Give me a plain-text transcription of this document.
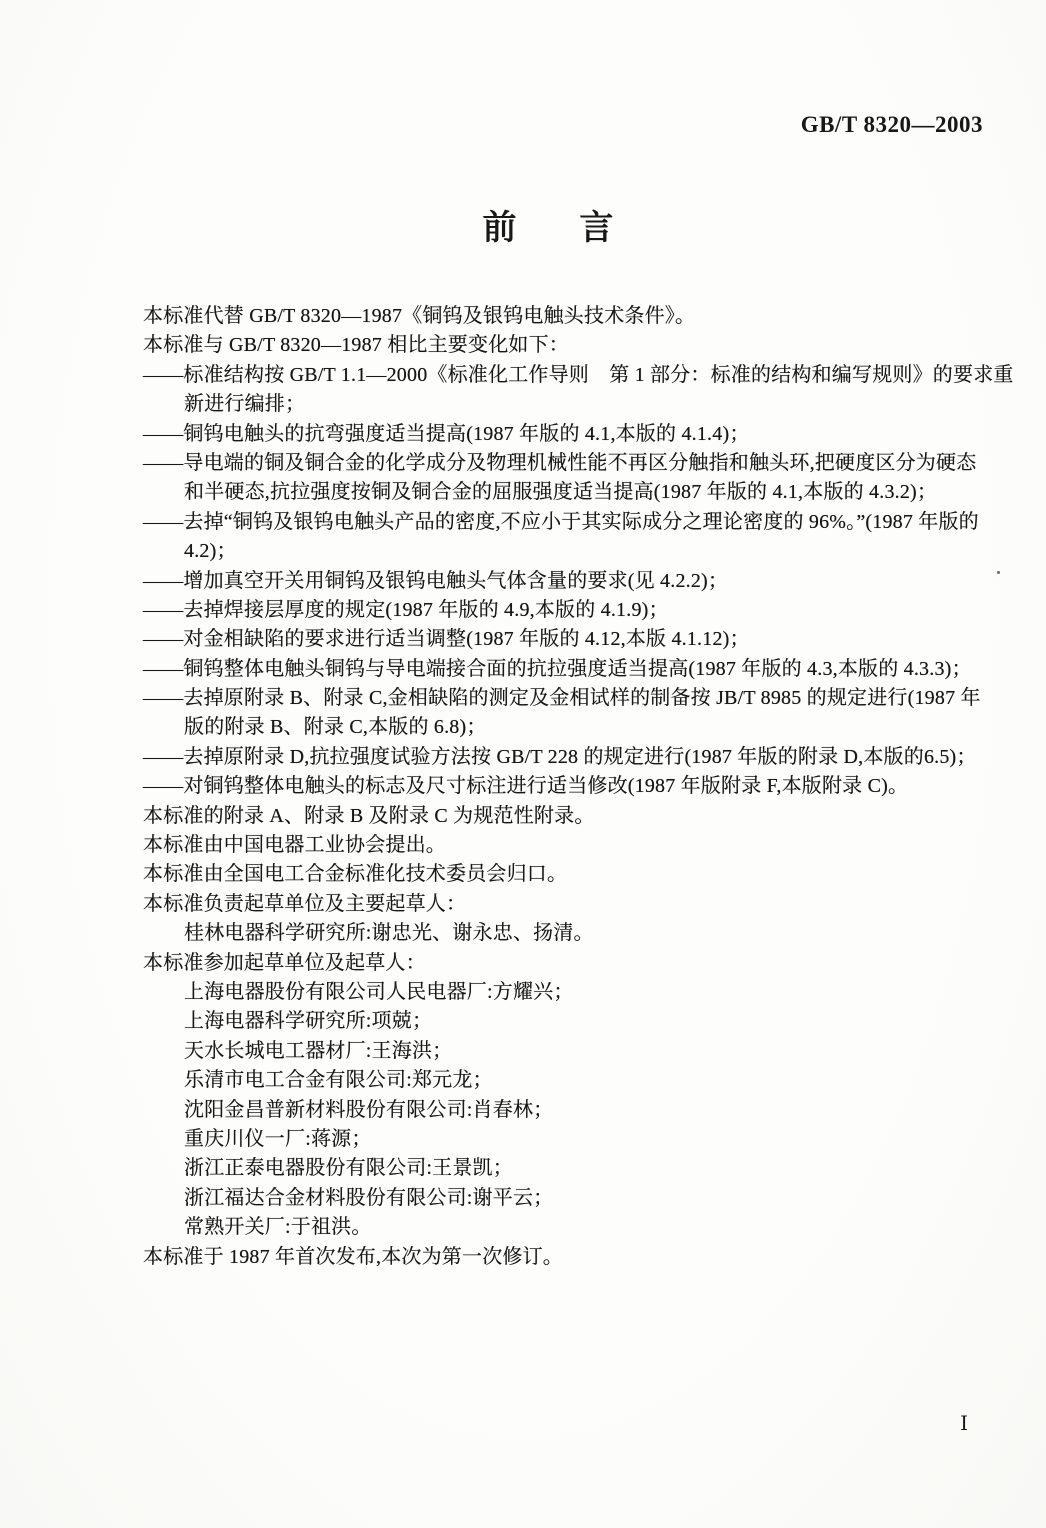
GB/T 8320—2003
前言
本标准代替 GB/T 8320—1987《铜钨及银钨电触头技术条件》。
本标准与 GB/T 8320—1987 相比主要变化如下：
——标准结构按 GB/T 1.1—2000《标准化工作导则　第 1 部分：标准的结构和编写规则》的要求重
新进行编排；
——铜钨电触头的抗弯强度适当提高(1987 年版的 4.1,本版的 4.1.4)；
——导电端的铜及铜合金的化学成分及物理机械性能不再区分触指和触头环,把硬度区分为硬态
和半硬态,抗拉强度按铜及铜合金的屈服强度适当提高(1987 年版的 4.1,本版的 4.3.2)；
——去掉“铜钨及银钨电触头产品的密度,不应小于其实际成分之理论密度的 96%。”(1987 年版的
4.2)；
——增加真空开关用铜钨及银钨电触头气体含量的要求(见 4.2.2)；
——去掉焊接层厚度的规定(1987 年版的 4.9,本版的 4.1.9)；
——对金相缺陷的要求进行适当调整(1987 年版的 4.12,本版 4.1.12)；
——铜钨整体电触头铜钨与导电端接合面的抗拉强度适当提高(1987 年版的 4.3,本版的 4.3.3)；
——去掉原附录 B、附录 C,金相缺陷的测定及金相试样的制备按 JB/T 8985 的规定进行(1987 年
版的附录 B、附录 C,本版的 6.8)；
——去掉原附录 D,抗拉强度试验方法按 GB/T 228 的规定进行(1987 年版的附录 D,本版的6.5)；
——对铜钨整体电触头的标志及尺寸标注进行适当修改(1987 年版附录 F,本版附录 C)。
本标准的附录 A、附录 B 及附录 C 为规范性附录。
本标准由中国电器工业协会提出。
本标准由全国电工合金标准化技术委员会归口。
本标准负责起草单位及主要起草人：
桂林电器科学研究所:谢忠光、谢永忠、扬清。
本标准参加起草单位及起草人：
上海电器股份有限公司人民电器厂:方耀兴；
上海电器科学研究所:项兢；
天水长城电工器材厂:王海洪；
乐清市电工合金有限公司:郑元龙；
沈阳金昌普新材料股份有限公司:肖春林；
重庆川仪一厂:蒋源；
浙江正泰电器股份有限公司:王景凯；
浙江福达合金材料股份有限公司:谢平云；
常熟开关厂:于祖洪。
本标准于 1987 年首次发布,本次为第一次修订。
Ⅰ
